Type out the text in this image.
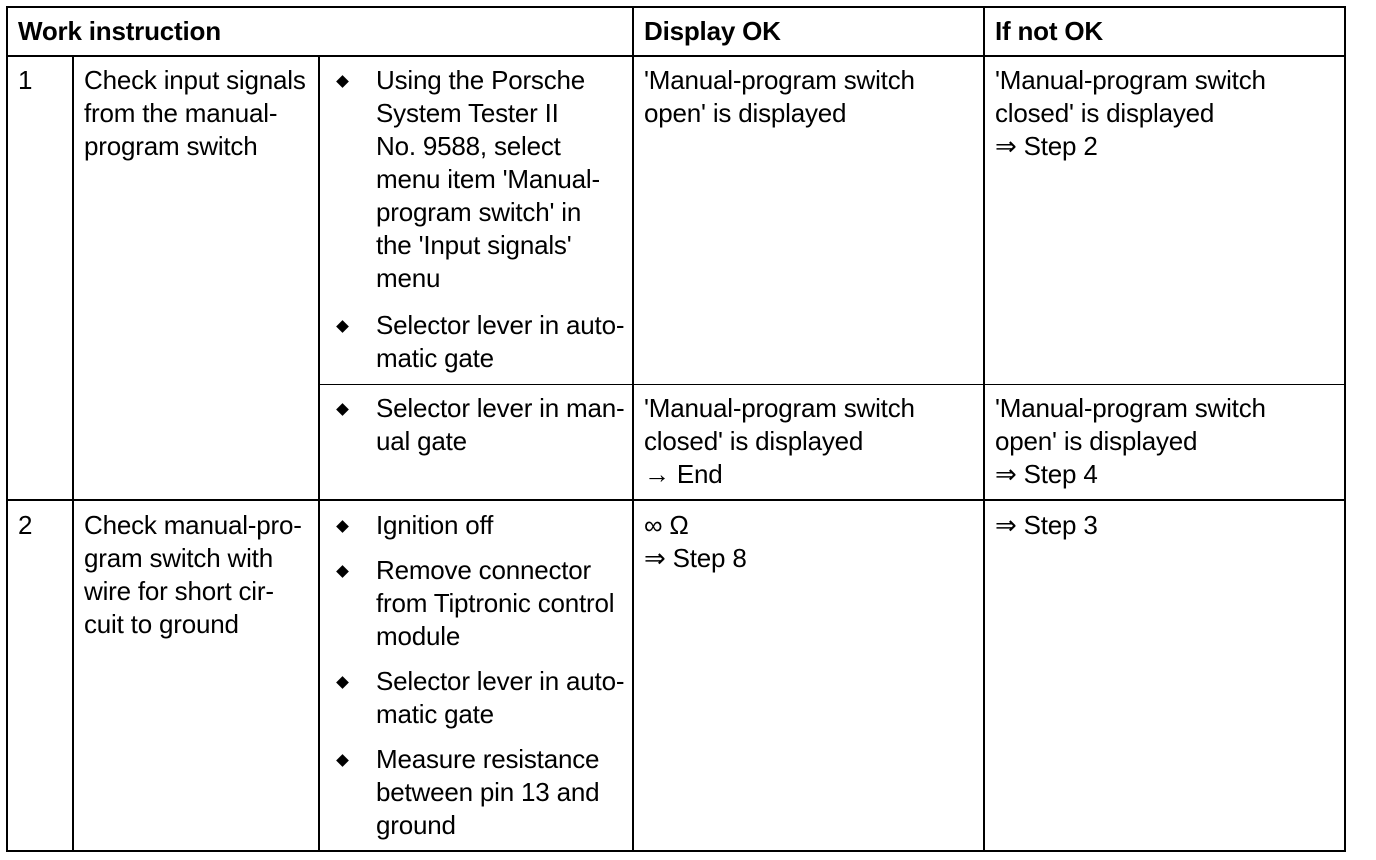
Work instruction	Display OK	If not OK
1 Check input signals
from the manual-
program switch
Using the Porsche
System Tester II
No. 9588, select
menu item 'Manual-
program switch' in
the 'Input signals'
menu
Selector lever in auto-
matic gate
'Manual-program switch
open' is displayed
'Manual-program switch
closed' is displayed
⇒ Step 2
Selector lever in man-
ual gate
'Manual-program switch
closed' is displayed
→ End
'Manual-program switch
open' is displayed
⇒ Step 4
2 Check manual-pro-
gram switch with
wire for short cir-
cuit to ground
Ignition off
Remove connector
from Tiptronic control
module
Selector lever in auto-
matic gate
Measure resistance
between pin 13 and
ground
∞ Ω
⇒ Step 8
⇒ Step 3
